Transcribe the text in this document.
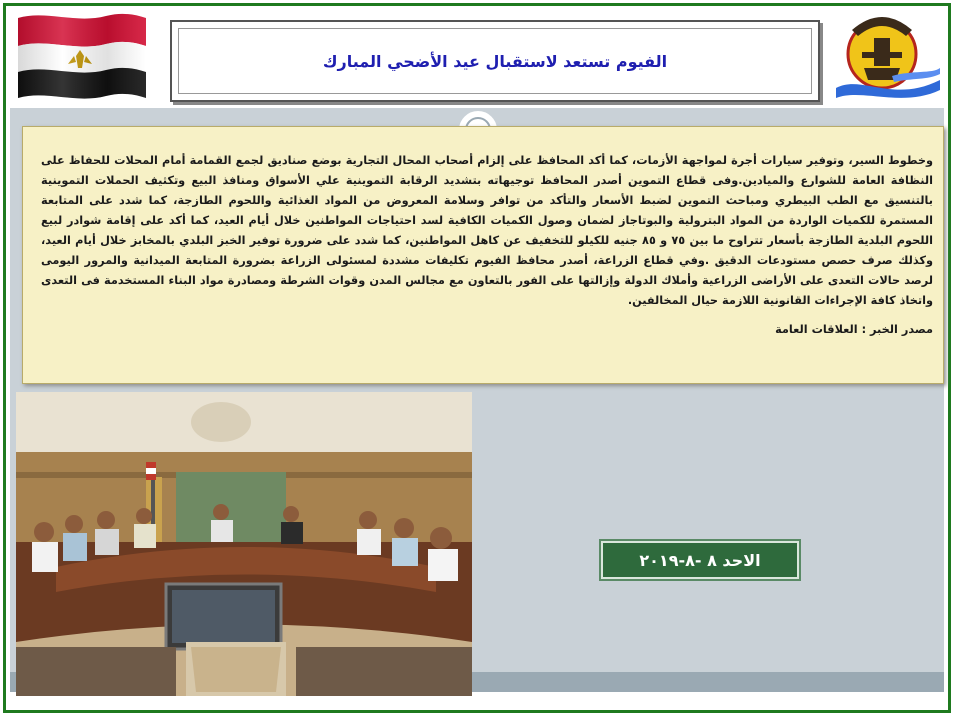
الفيوم تستعد لاستقبال عيد الأضحي المبارك

وخطوط السير، وتوفير سيارات أجرة لمواجهة الأزمات، كما أكد المحافظ على إلزام أصحاب المحال التجارية بوضع صناديق لجمع القمامة أمام المحلات للحفاظ على النظافة العامة للشوارع والميادين.وفى قطاع التموين أصدر المحافظ توجيهاته بتشديد الرقابة التموينية علي الأسواق ومنافذ البيع وتكثيف الحملات التموينية بالتنسيق مع الطب البيطري ومباحث التموين لضبط الأسعار والتأكد من توافر وسلامة المعروض من المواد الغذائية واللحوم الطازجة، كما شدد على المتابعة المستمرة للكميات الواردة من المواد البترولية والبوتاجاز لضمان وصول الكميات الكافية لسد احتياجات المواطنين خلال أيام العيد، كما أكد على إقامة شوادر لبيع اللحوم البلدية الطازجة بأسعار تتراوح ما بين ٧٥ و ٨٥ جنيه للكيلو للتخفيف عن كاهل المواطنين، كما شدد على ضرورة توفير الخبز البلدي بالمخابز خلال أيام العيد، وكذلك صرف حصص مستودعات الدقيق .وفي قطاع الزراعة، أصدر محافظ الفيوم تكليفات مشددة لمسئولى الزراعة بضرورة المتابعة الميدانية والمرور اليومى لرصد حالات التعدى على الأراضى الزراعية وأملاك الدولة وإزالتها على الفور بالتعاون مع مجالس المدن وقوات الشرطة ومصادرة مواد البناء المستخدمة فى التعدى واتخاذ كافة الإجراءات القانونية اللازمة حيال المخالفين.

مصدر الخبر : العلاقات العامة
الاحد ٨ -٨-٢٠١٩
